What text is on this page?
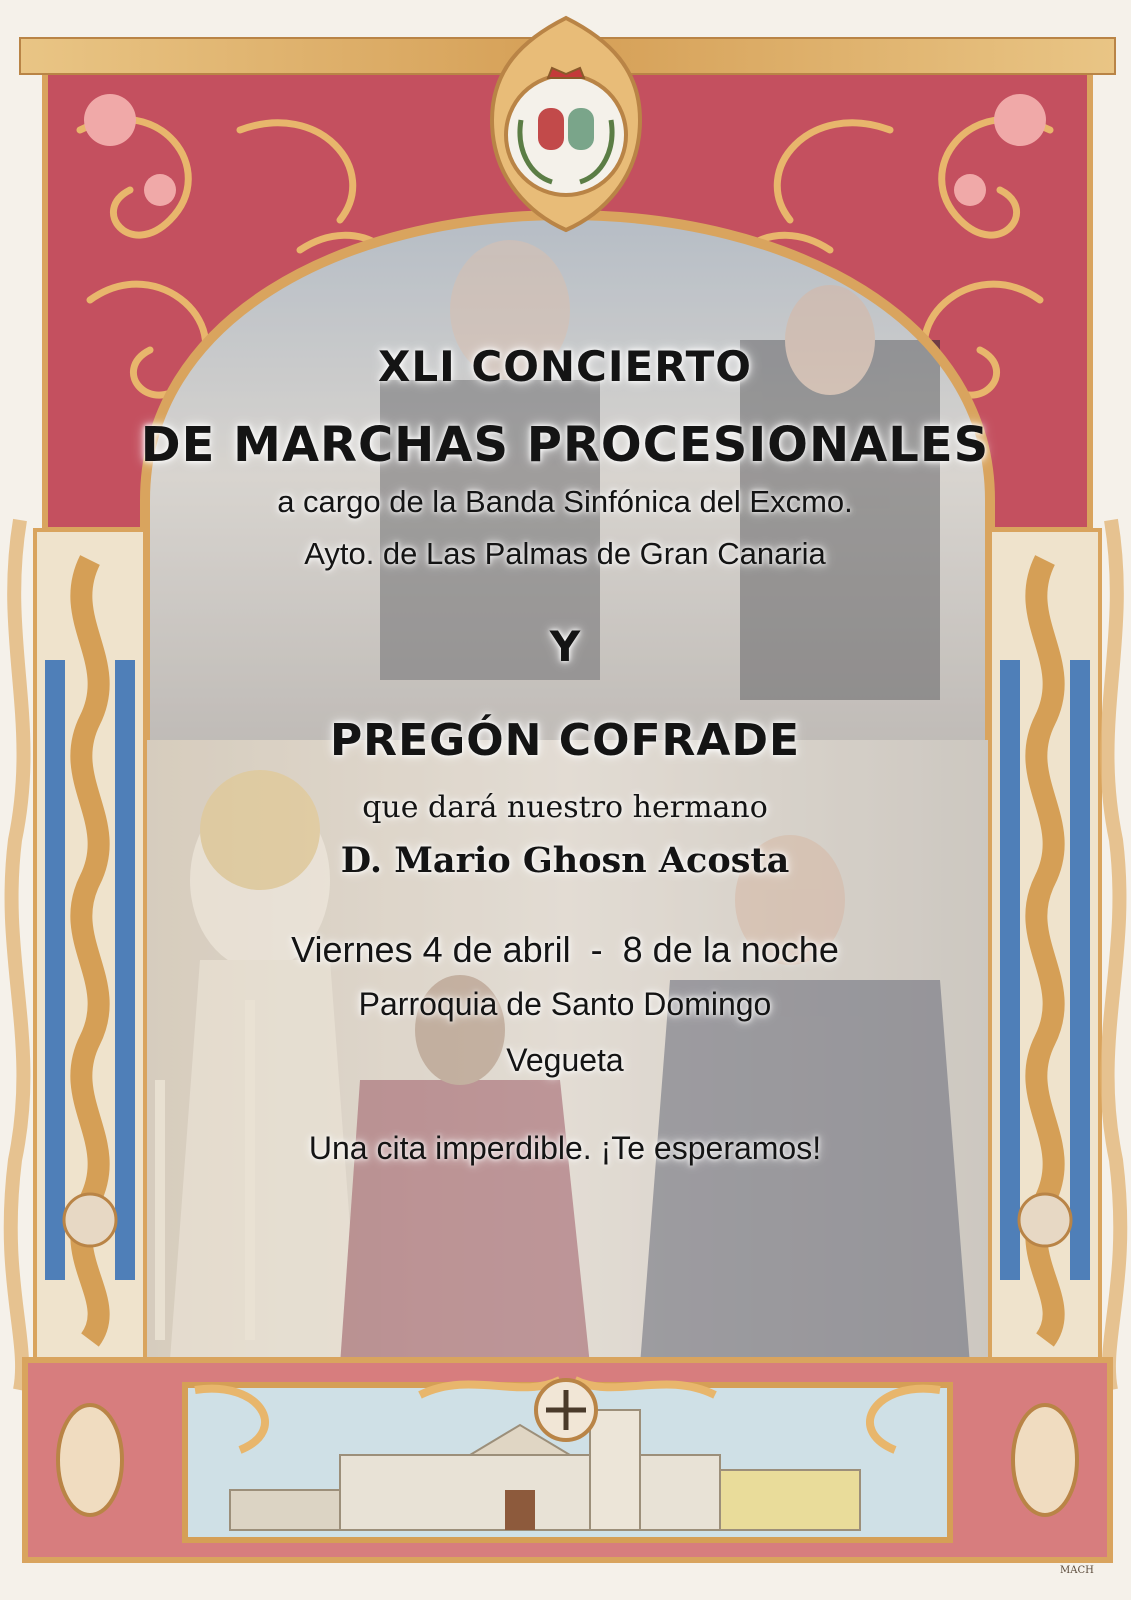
XLI CONCIERTO

DE MARCHAS PROCESIONALES

a cargo de la Banda Sinfónica del Excmo.

Ayto. de Las Palmas de Gran Canaria

Y

PREGÓN COFRADE

que dará nuestro hermano

D. Mario Ghosn Acosta

Viernes 4 de abril  -  8 de la noche

Parroquia de Santo Domingo

Vegueta

Una cita imperdible. ¡Te esperamos!

MACH
